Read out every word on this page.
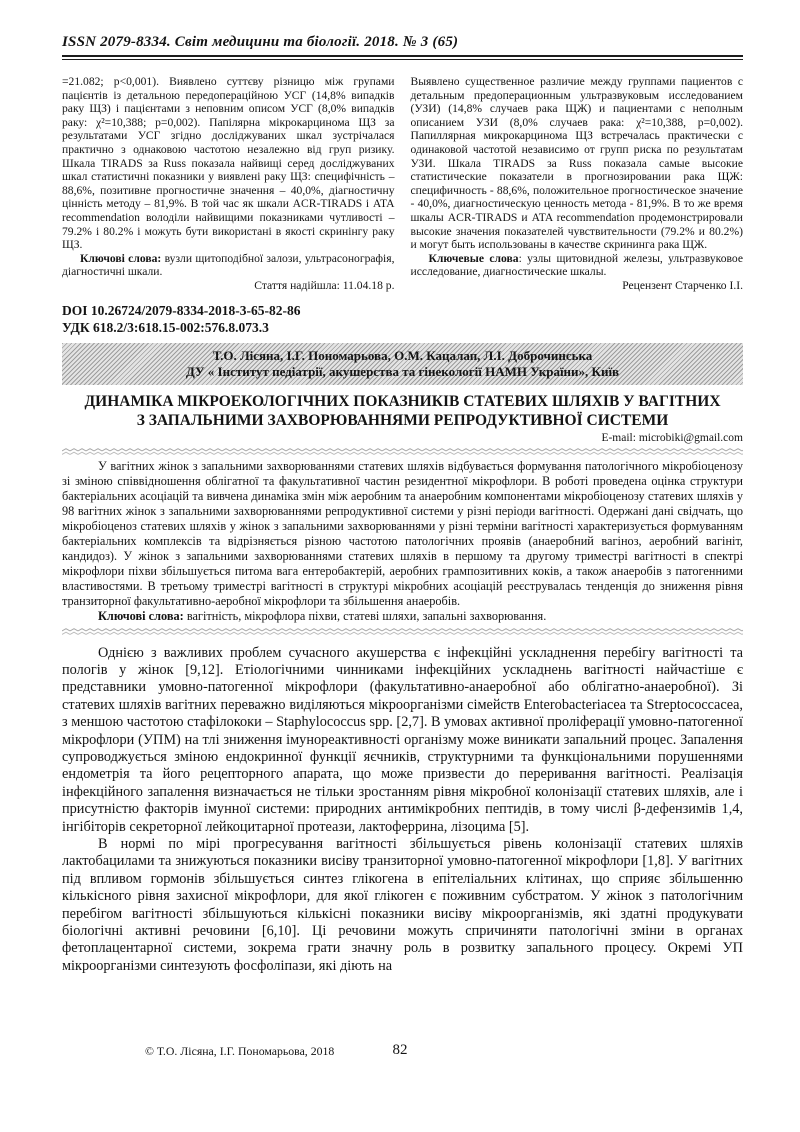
ISSN 2079-8334. Світ медицини та біології. 2018. № 3 (65)

=21.082; р<0,001). Виявлено суттєву різницю між групами пацієнтів із детальною передопераційною УСГ (14,8% випадків раку ЩЗ) і пацієнтами з неповним описом УСГ (8,0% випадків раку: χ²=10,388; р=0,002). Папілярна мікрокарцинома ЩЗ за результатами УСГ згідно досліджуваних шкал зустрічалася практично з однаковою частотою незалежно від груп ризику. Шкала TIRADS за Russ показала найвищі серед досліджуваних шкал статистичні показники у виявлені раку ЩЗ: специфічність – 88,6%, позитивне прогностичне значення – 40,0%, діагностичну цінність методу – 81,9%. В той час як шкали ACR-TIRADS і ATA recommendation володіли найвищими показниками чутливості – 79.2% і 80.2% і можуть бути використані в якості скринінгу раку ЩЗ.

Ключові слова: вузли щитоподібної залози, ультрасонографія, діагностичні шкали.

Стаття надійшла: 11.04.18 р.

Выявлено существенное различие между группами пациентов с детальным предоперационным ультразвуковым исследованием (УЗИ) (14,8% случаев рака ЩЖ) и пациентами с неполным описанием УЗИ (8,0% случаев рака: χ²=10,388, р=0,002). Папиллярная микрокарцинома ЩЗ встречалась практически с одинаковой частотой независимо от групп риска по результатам УЗИ. Шкала TIRADS за Russ показала самые высокие статистические показатели в прогнозировании рака ЩЖ: специфичность - 88,6%, положительное прогностическое значение - 40,0%, диагностическую ценность метода - 81,9%. В то же время шкалы ACR-TIRADS и ATA recommendation продемонстрировали высокие значения показателей чувствительности (79.2% и 80.2%) и могут быть использованы в качестве скрининга рака ЩЖ.

Ключевые слова: узлы щитовидной железы, ультразвуковое исследование, диагностические шкалы.

Рецензент Старченко І.І.

DOI 10.26724/2079-8334-2018-3-65-82-86
УДК 618.2/3:618.15-002:576.8.073.3
Т.О. Лісяна, І.Г. Пономарьова, О.М. Кацалап, Л.І. Доброчинська
ДУ « Інститут педіатрії, акушерства та гінекології НАМН України», Київ
ДИНАМІКА МІКРОЕКОЛОГІЧНИХ ПОКАЗНИКІВ СТАТЕВИХ ШЛЯХІВ У ВАГІТНИХ
З ЗАПАЛЬНИМИ ЗАХВОРЮВАННЯМИ РЕПРОДУКТИВНОЇ СИСТЕМИ
E-mail: microbiki@gmail.com

У вагітних жінок з запальними захворюваннями статевих шляхів відбувається формування патологічного мікробіоценозу зі зміною співвідношення облігатної та факультативної частин резидентної мікрофлори. В роботі проведена оцінка структури бактеріальних асоціацій та вивчена динаміка змін між аеробним та анаеробним компонентами мікробіоценозу статевих шляхів у 98 вагітних жінок з запальними захворюваннями репродуктивної системи у різні періоди вагітності. Одержані дані свідчать, що мікробіоценоз статевих шляхів у жінок з запальними захворюваннями у різні терміни вагітності характеризується формуванням бактеріальних комплексів та відрізняється різною частотою патологічних проявів (анаеробний вагіноз, аеробний вагініт, кандидоз). У жінок з запальними захворюваннями статевих шляхів в першому та другому триместрі вагітності в спектрі мікрофлори піхви збільшується питома вага ентеробактерій, аеробних грампозитивних коків, а також анаеробів з патогенними властивостями. В третьому триместрі вагітності в структурі мікробних асоціацій реєструвалась тенденція до зниження рівня транзиторної факультативно-аеробної мікрофлори та збільшення анаеробів.

Ключові слова: вагітність, мікрофлора піхви, статеві шляхи, запальні захворювання.

Однією з важливих проблем сучасного акушерства є інфекційні ускладнення перебігу вагітності та пологів у жінок [9,12]. Етіологічними чинниками інфекційних ускладнень вагітності найчастіше є представники умовно-патогенної мікрофлори (факультативно-анаеробної або облігатно-анаеробної). Зі статевих шляхів вагітних переважно виділяються мікроорганізми сімейств Enterobacteriacea та Streptococcacea, з меншою частотою стафілококи – Staphylococcus spp. [2,7]. В умовах активної проліферації умовно-патогенної мікрофлори (УПМ) на тлі зниження імунореактивності організму може виникати запальний процес. Запалення супроводжується зміною ендокринної функції яєчників, структурними та функціональними порушеннями ендометрія та його рецепторного апарата, що може призвести до переривання вагітності. Реалізація інфекційного запалення визначається не тільки зростанням рівня мікробної колонізації статевих шляхів, але і присутністю факторів імунної системи: природних антимікробних пептидів, в тому числі β-дефензимів 1,4, інгібіторів секреторної лейкоцитарної протеази, лактоферрина, лізоцима [5].

В нормі по мірі прогресування вагітності збільшується рівень колонізації статевих шляхів лактобацилами та знижуються показники висіву транзиторної умовно-патогенної мікрофлори [1,8]. У вагітних під впливом гормонів збільшується синтез глікогена в епітеліальних клітинах, що сприяє збільшенню кількісного рівня захисної мікрофлори, для якої глікоген є поживним субстратом. У жінок з патологічним перебігом вагітності збільшуються кількісні показники висіву мікроорганізмів, які здатні продукувати біологічні активні речовини [6,10]. Ці речовини можуть спричиняти патологічні зміни в органах фетоплацентарної системи, зокрема грати значну роль в розвитку запального процесу. Окремі УП мікроорганізми синтезують фосфоліпази, які діють на

82
© Т.О. Лісяна, І.Г. Пономарьова, 2018
